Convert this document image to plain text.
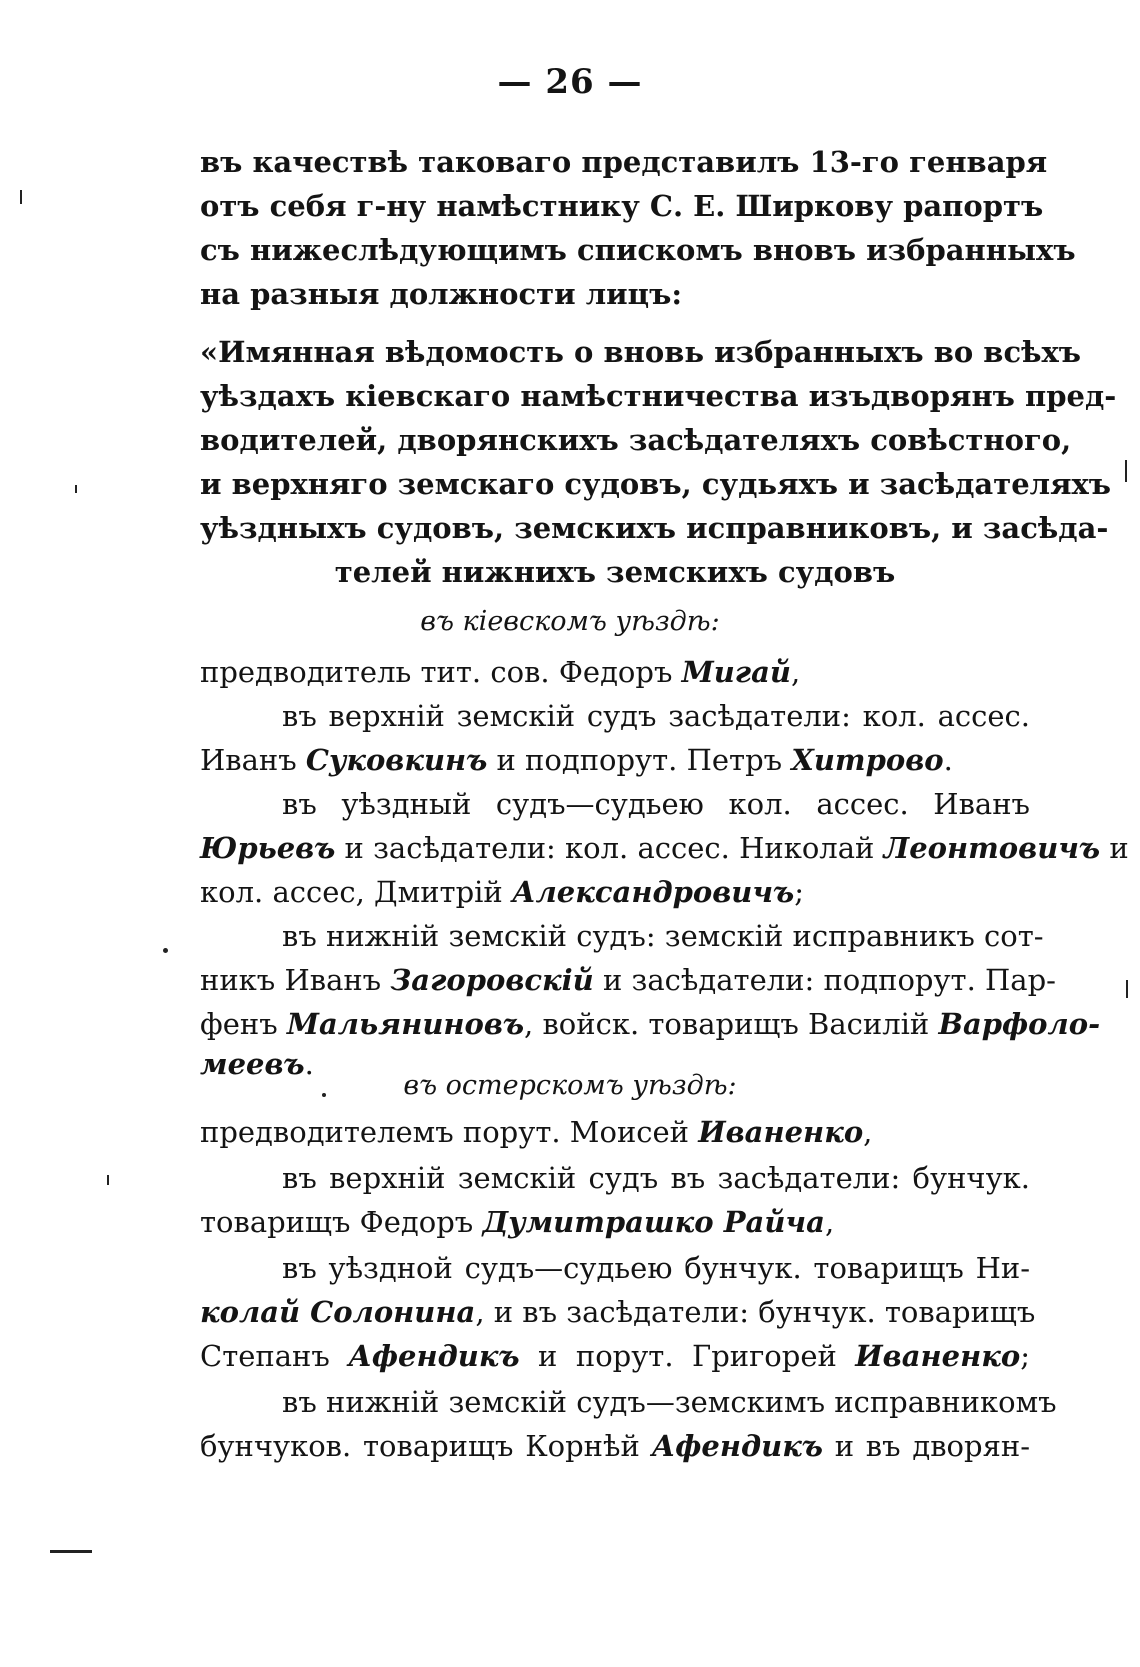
— 26 —
въ качествѣ таковаго представилъ 13-го генваря
отъ себя г-ну намѣстнику С. Е. Ширкову рапортъ
съ нижеслѣдующимъ спискомъ вновъ избранныхъ
на разныя должности лицъ:
«Имянная вѣдомость о вновь избранныхъ во всѣхъ
уѣздахъ кіевскаго намѣстничества изъдворянъ пред-
водителей, дворянскихъ засѣдателяхъ совѣстного,
и верхняго земскаго судовъ, судьяхъ и засѣдателяхъ
уѣздныхъ судовъ, земскихъ исправниковъ, и засѣда-
телей нижнихъ земскихъ судовъ
въ кіевскомъ уѣздѣ:
предводитель тит. сов. Федоръ Мигай,
въ верхній земскій судъ засѣдатели: кол. ассес.
Иванъ Суковкинъ и подпорут. Петръ Хитрово.
въ уѣздный судъ—судьею кол. ассес. Иванъ
Юрьевъ и засѣдатели: кол. ассес. Николай Леонтовичъ и
кол. ассес, Дмитрій Александровичъ;
въ нижній земскій судъ: земскій исправникъ сот-
никъ Иванъ Загоровскій и засѣдатели: подпорут. Пар-
фенъ Мальяниновъ, войск. товарищъ Василій Варфоло-
меевъ.
въ остерскомъ уѣздѣ:
предводителемъ порут. Моисей Иваненко,
въ верхній земскій судъ въ засѣдатели: бунчук.
товарищъ Федоръ Думитрашко Райча,
въ уѣздной судъ—судьею бунчук. товарищъ Ни-
колай Солонина, и въ засѣдатели: бунчук. товарищъ
Степанъ Афендикъ и порут. Григорей Иваненко;
въ нижній земскій судъ—земскимъ исправникомъ
бунчуков. товарищъ Корнѣй Афендикъ и въ дворян-
